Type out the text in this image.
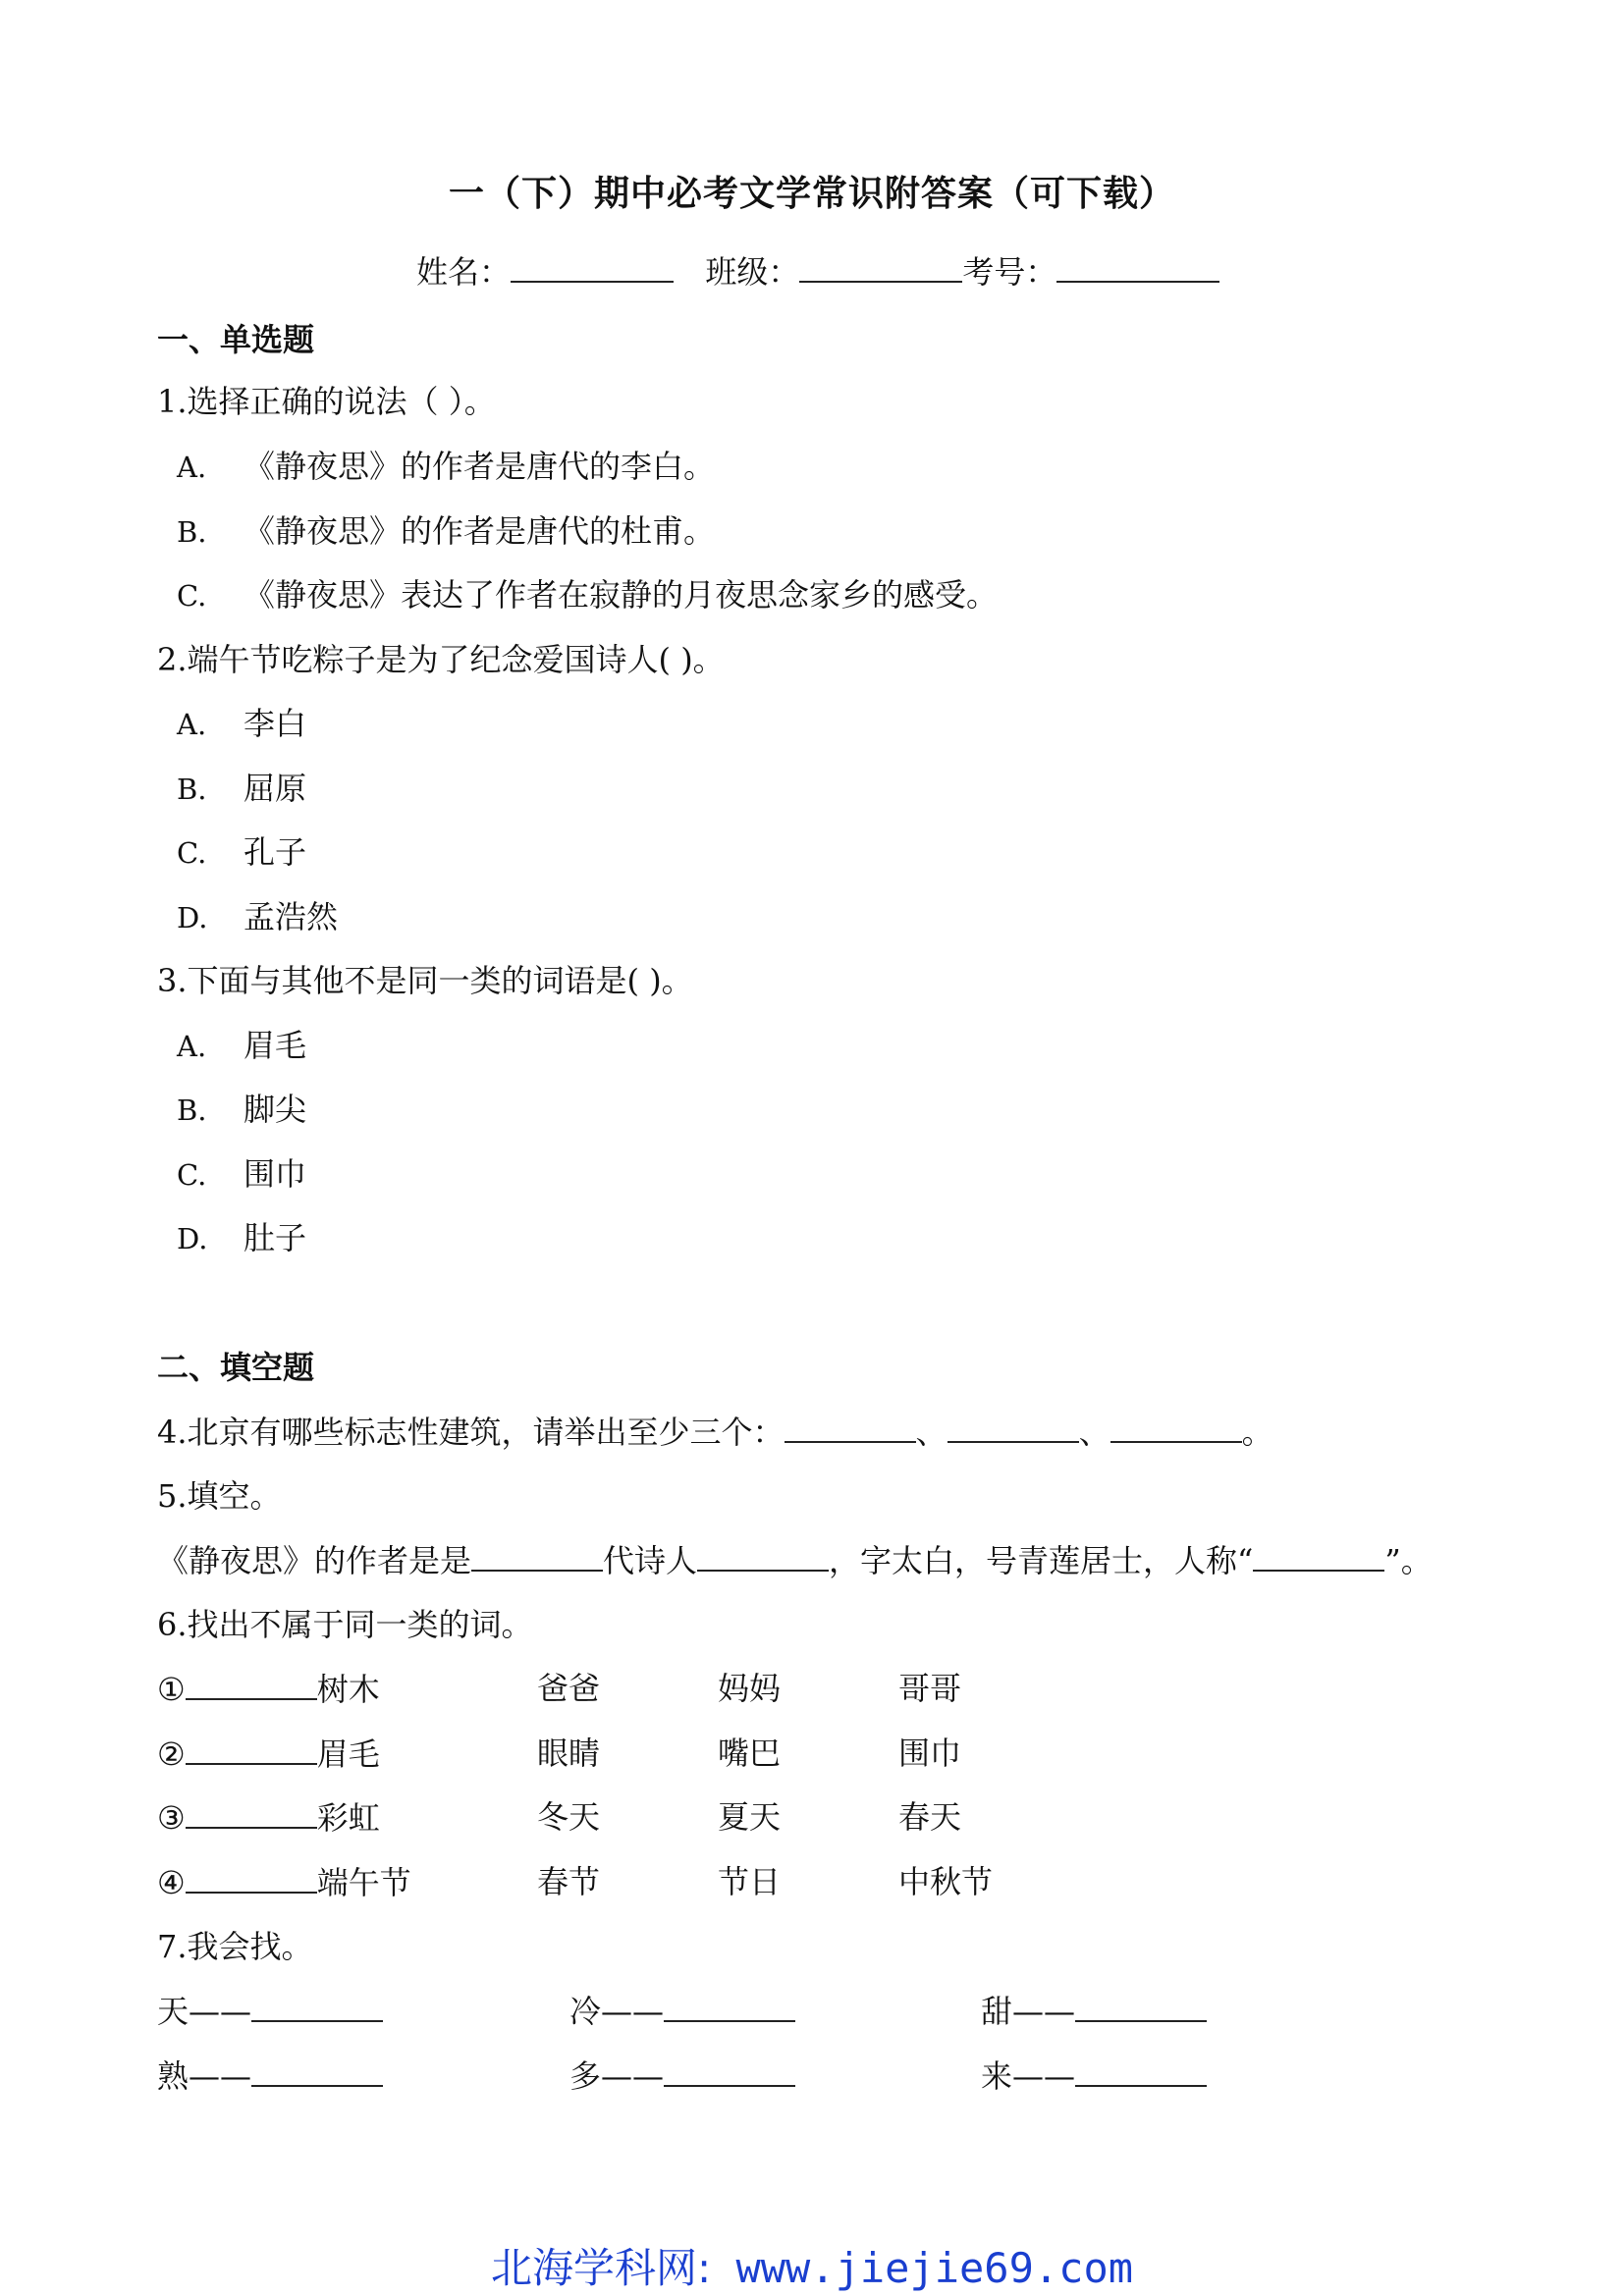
一（下）期中必考文学常识附答案（可下载）
姓名：	班级：	考号：
一、单选题
1.选择正确的说法（ ）。
A. 《静夜思》的作者是唐代的李白。
B. 《静夜思》的作者是唐代的杜甫。
C. 《静夜思》表达了作者在寂静的月夜思念家乡的感受。
2.端午节吃粽子是为了纪念爱国诗人( )。
A. 李白
B. 屈原
C. 孔子
D. 孟浩然
3.下面与其他不是同一类的词语是( )。
A. 眉毛
B. 脚尖
C. 围巾
D. 肚子
二、填空题
4.北京有哪些标志性建筑，请举出至少三个：	、	、	。
5.填空。
《静夜思》的作者是是	代诗人	，字太白，号青莲居士，人称“	”。
6.找出不属于同一类的词。
①	树木	爸爸	妈妈	哥哥
②	眉毛	眼睛	嘴巴	围巾
③	彩虹	冬天	夏天	春天
④	端午节	春节	节日	中秋节
7.我会找。
天——	冷——	甜——
熟——	多——	来——
北海学科网: www.jiejie69.com
